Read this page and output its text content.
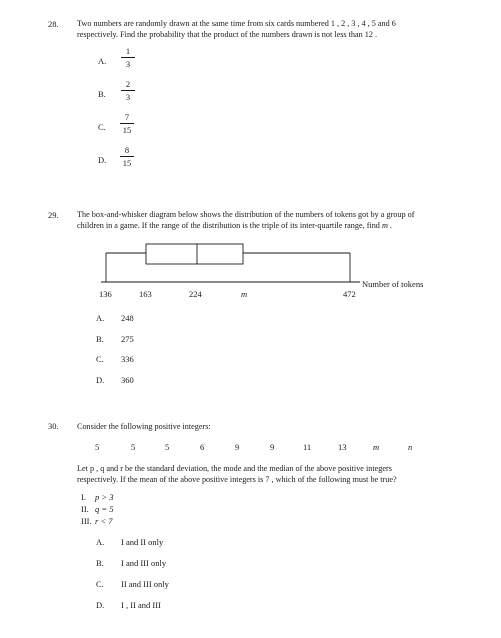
28. Two numbers are randomly drawn at the same time from six cards numbered 1 , 2 , 3 , 4 , 5 and 6
respectively. Find the probability that the product of the numbers drawn is not less than 12 .
A.
1
3
B.
2
3
C.
7
15
D.
8
15
29. The box-and-whisker diagram below shows the distribution of the numbers of tokens got by a group of
children in a game. If the range of the distribution is the triple of its inter-quartile range, find m .
Number of tokens
136	163	224	m	472
A. 248
B. 275
C. 336
D. 360
30. Consider the following positive integers:
5	5	5	6	9	9	11	13	m	n
Let p , q and r be the standard deviation, the mode and the median of the above positive integers
respectively. If the mean of the above positive integers is 7 , which of the following must be true?
I. p > 3
II. q = 5
III. r < 7
A. I and II only
B. I and III only
C. II and III only
D. I , II and III
